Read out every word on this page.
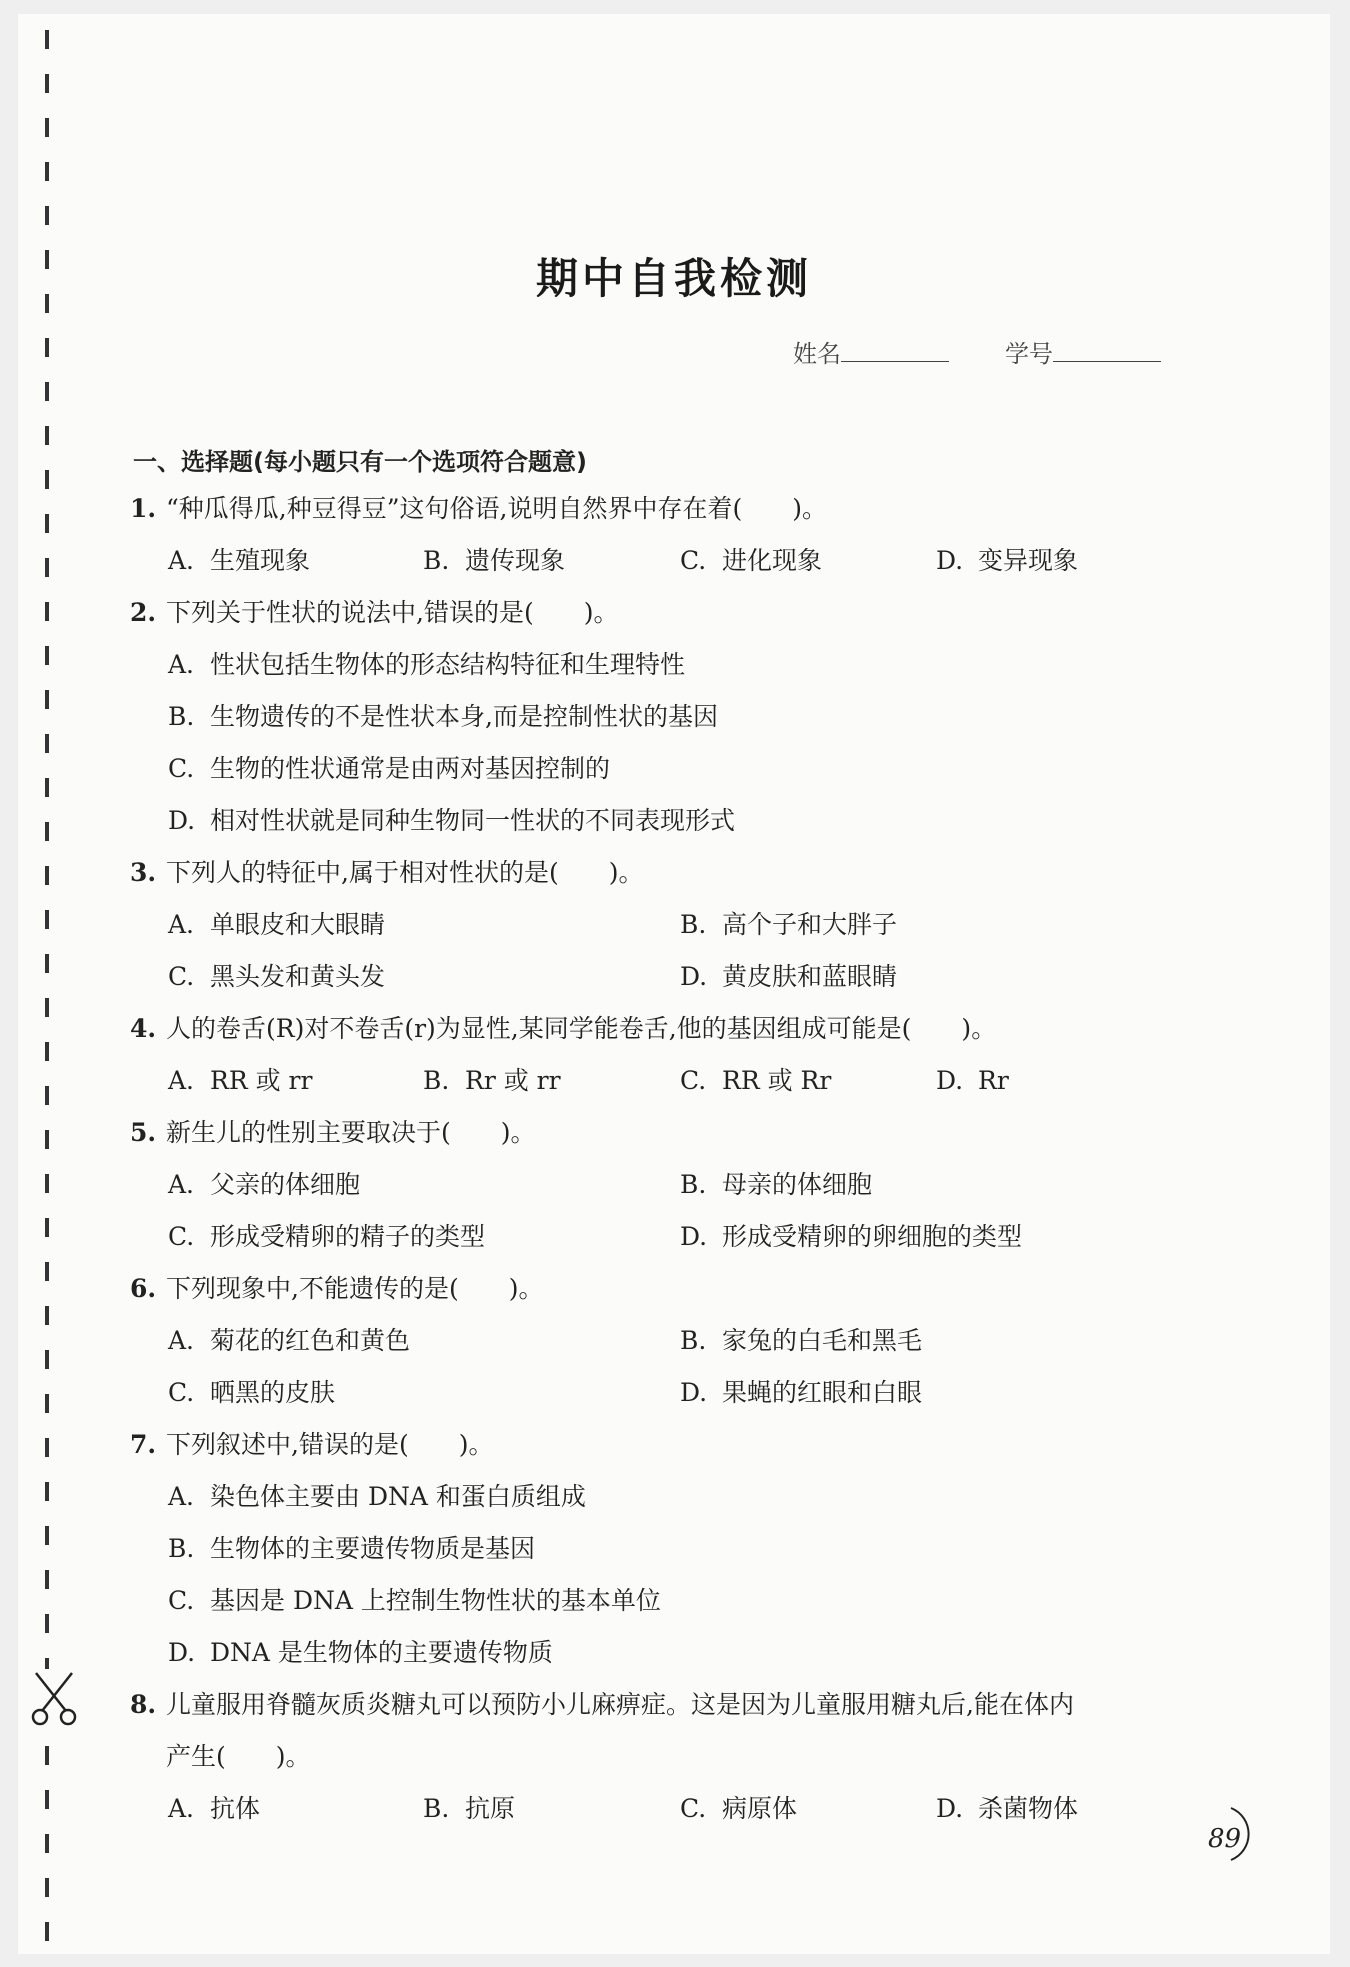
期中自我检测
姓名	学号
一、选择题(每小题只有一个选项符合题意)
1. “种瓜得瓜,种豆得豆”这句俗语,说明自然界中存在着(　　)。
A. 生殖现象	B. 遗传现象	C. 进化现象	D. 变异现象
2. 下列关于性状的说法中,错误的是(　　)。
A. 性状包括生物体的形态结构特征和生理特性
B. 生物遗传的不是性状本身,而是控制性状的基因
C. 生物的性状通常是由两对基因控制的
D. 相对性状就是同种生物同一性状的不同表现形式
3. 下列人的特征中,属于相对性状的是(　　)。
A. 单眼皮和大眼睛	B. 高个子和大胖子
C. 黑头发和黄头发	D. 黄皮肤和蓝眼睛
4. 人的卷舌(R)对不卷舌(r)为显性,某同学能卷舌,他的基因组成可能是(　　)。
A. RR 或 rr	B. Rr 或 rr	C. RR 或 Rr	D. Rr
5. 新生儿的性别主要取决于(　　)。
A. 父亲的体细胞	B. 母亲的体细胞
C. 形成受精卵的精子的类型	D. 形成受精卵的卵细胞的类型
6. 下列现象中,不能遗传的是(　　)。
A. 菊花的红色和黄色	B. 家兔的白毛和黑毛
C. 晒黑的皮肤	D. 果蝇的红眼和白眼
7. 下列叙述中,错误的是(　　)。
A. 染色体主要由 DNA 和蛋白质组成
B. 生物体的主要遗传物质是基因
C. 基因是 DNA 上控制生物性状的基本单位
D. DNA 是生物体的主要遗传物质
8. 儿童服用脊髓灰质炎糖丸可以预防小儿麻痹症。这是因为儿童服用糖丸后,能在体内
产生(　　)。
A. 抗体	B. 抗原	C. 病原体	D. 杀菌物体
89
